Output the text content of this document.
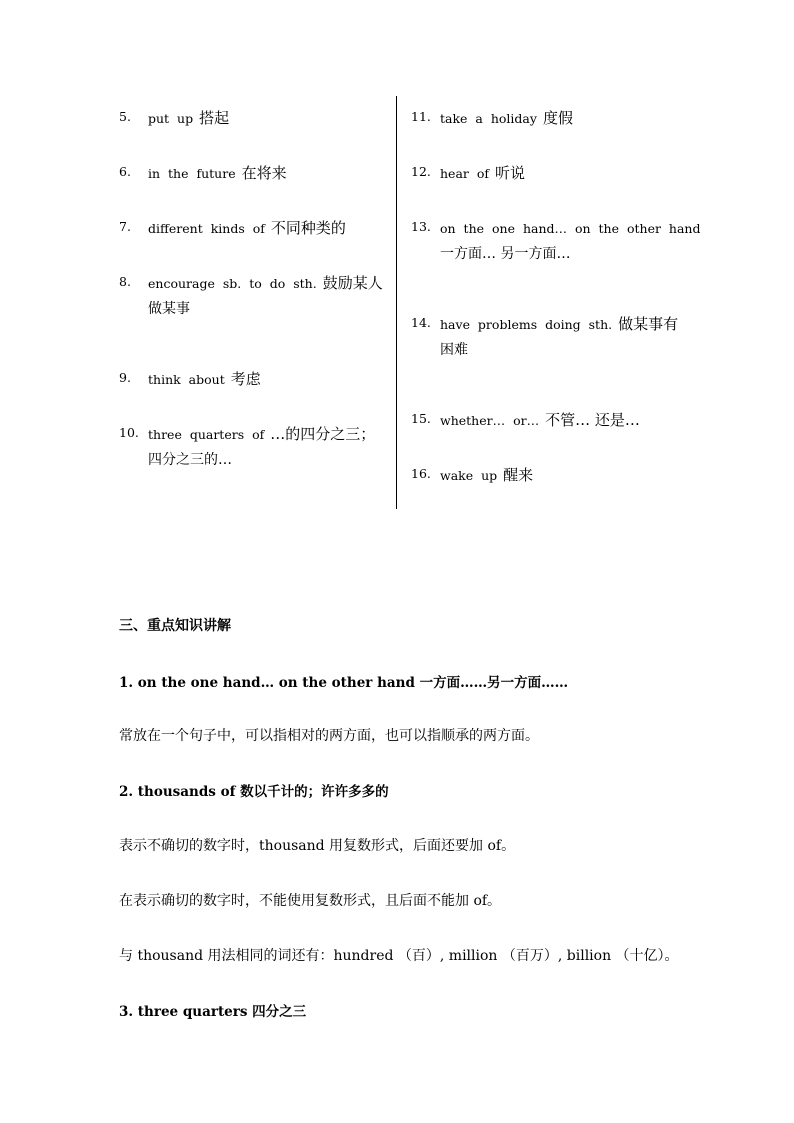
5.	put up 搭起
6.	in the future 在将来
7.	different kinds of 不同种类的
8.	encourage sb. to do sth. 鼓励某人
做某事
9.	think about 考虑
10. three quarters of …的四分之三；
四分之三的…
11. take a holiday 度假
12. hear of 听说
13. on the one hand… on the other hand
一方面… 另一方面…
14. have problems doing sth. 做某事有
困难
15. whether… or… 不管… 还是…
16. wake up 醒来
三、重点知识讲解
1. on the one hand… on the other hand 一方面……另一方面……
常放在一个句子中，可以指相对的两方面，也可以指顺承的两方面。
2. thousands of 数以千计的；许许多多的
表示不确切的数字时，thousand 用复数形式，后面还要加 of。
在表示确切的数字时，不能使用复数形式，且后面不能加 of。
与 thousand 用法相同的词还有：hundred （百）, million （百万）, billion （十亿）。
3. three quarters 四分之三
